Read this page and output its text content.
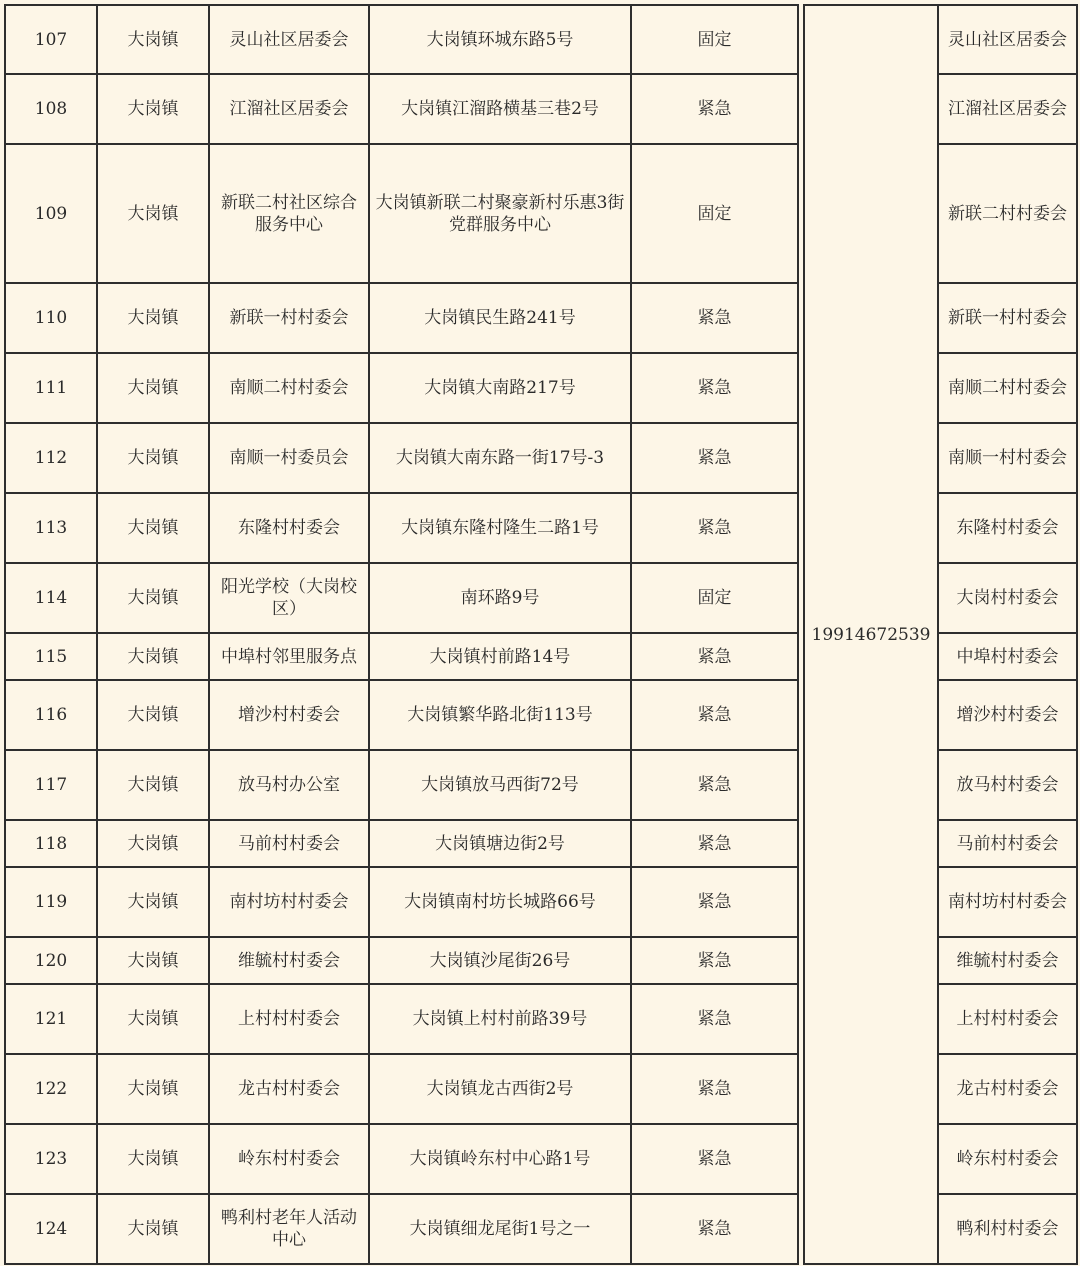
107	大岗镇	灵山社区居委会	大岗镇环城东路5号	固定		19914672539	灵山社区居委会
108	大岗镇	江溜社区居委会	大岗镇江溜路横基三巷2号	紧急			江溜社区居委会
109	大岗镇	新联二村社区综合服务中心	大岗镇新联二村聚豪新村乐惠3街党群服务中心	固定			新联二村村委会
110	大岗镇	新联一村村委会	大岗镇民生路241号	紧急			新联一村村委会
111	大岗镇	南顺二村村委会	大岗镇大南路217号	紧急			南顺二村村委会
112	大岗镇	南顺一村委员会	大岗镇大南东路一街17号-3	紧急			南顺一村村委会
113	大岗镇	东隆村村委会	大岗镇东隆村隆生二路1号	紧急			东隆村村委会
114	大岗镇	阳光学校（大岗校区）	南环路9号	固定			大岗村村委会
115	大岗镇	中埠村邻里服务点	大岗镇村前路14号	紧急			中埠村村委会
116	大岗镇	增沙村村委会	大岗镇繁华路北街113号	紧急			增沙村村委会
117	大岗镇	放马村办公室	大岗镇放马西街72号	紧急			放马村村委会
118	大岗镇	马前村村委会	大岗镇塘边街2号	紧急			马前村村委会
119	大岗镇	南村坊村村委会	大岗镇南村坊长城路66号	紧急			南村坊村村委会
120	大岗镇	维毓村村委会	大岗镇沙尾街26号	紧急			维毓村村委会
121	大岗镇	上村村村委会	大岗镇上村村前路39号	紧急			上村村村委会
122	大岗镇	龙古村村委会	大岗镇龙古西街2号	紧急			龙古村村委会
123	大岗镇	岭东村村委会	大岗镇岭东村中心路1号	紧急			岭东村村委会
124	大岗镇	鸭利村老年人活动中心	大岗镇细龙尾街1号之一	紧急			鸭利村村委会
